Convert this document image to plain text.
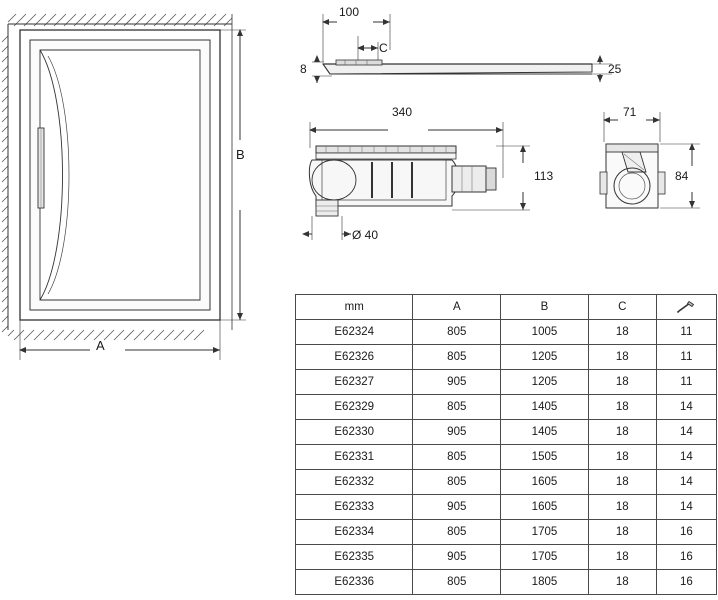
B
A
100
C
8	25
340
113
Ø 40
71
84
mm	A	B	C	

E62324	805	1005	18	11
E62326	805	1205	18	11
E62327	905	1205	18	11
E62329	805	1405	18	14
E62330	905	1405	18	14
E62331	805	1505	18	14
E62332	805	1605	18	14
E62333	905	1605	18	14
E62334	805	1705	18	16
E62335	905	1705	18	16
E62336	805	1805	18	16
